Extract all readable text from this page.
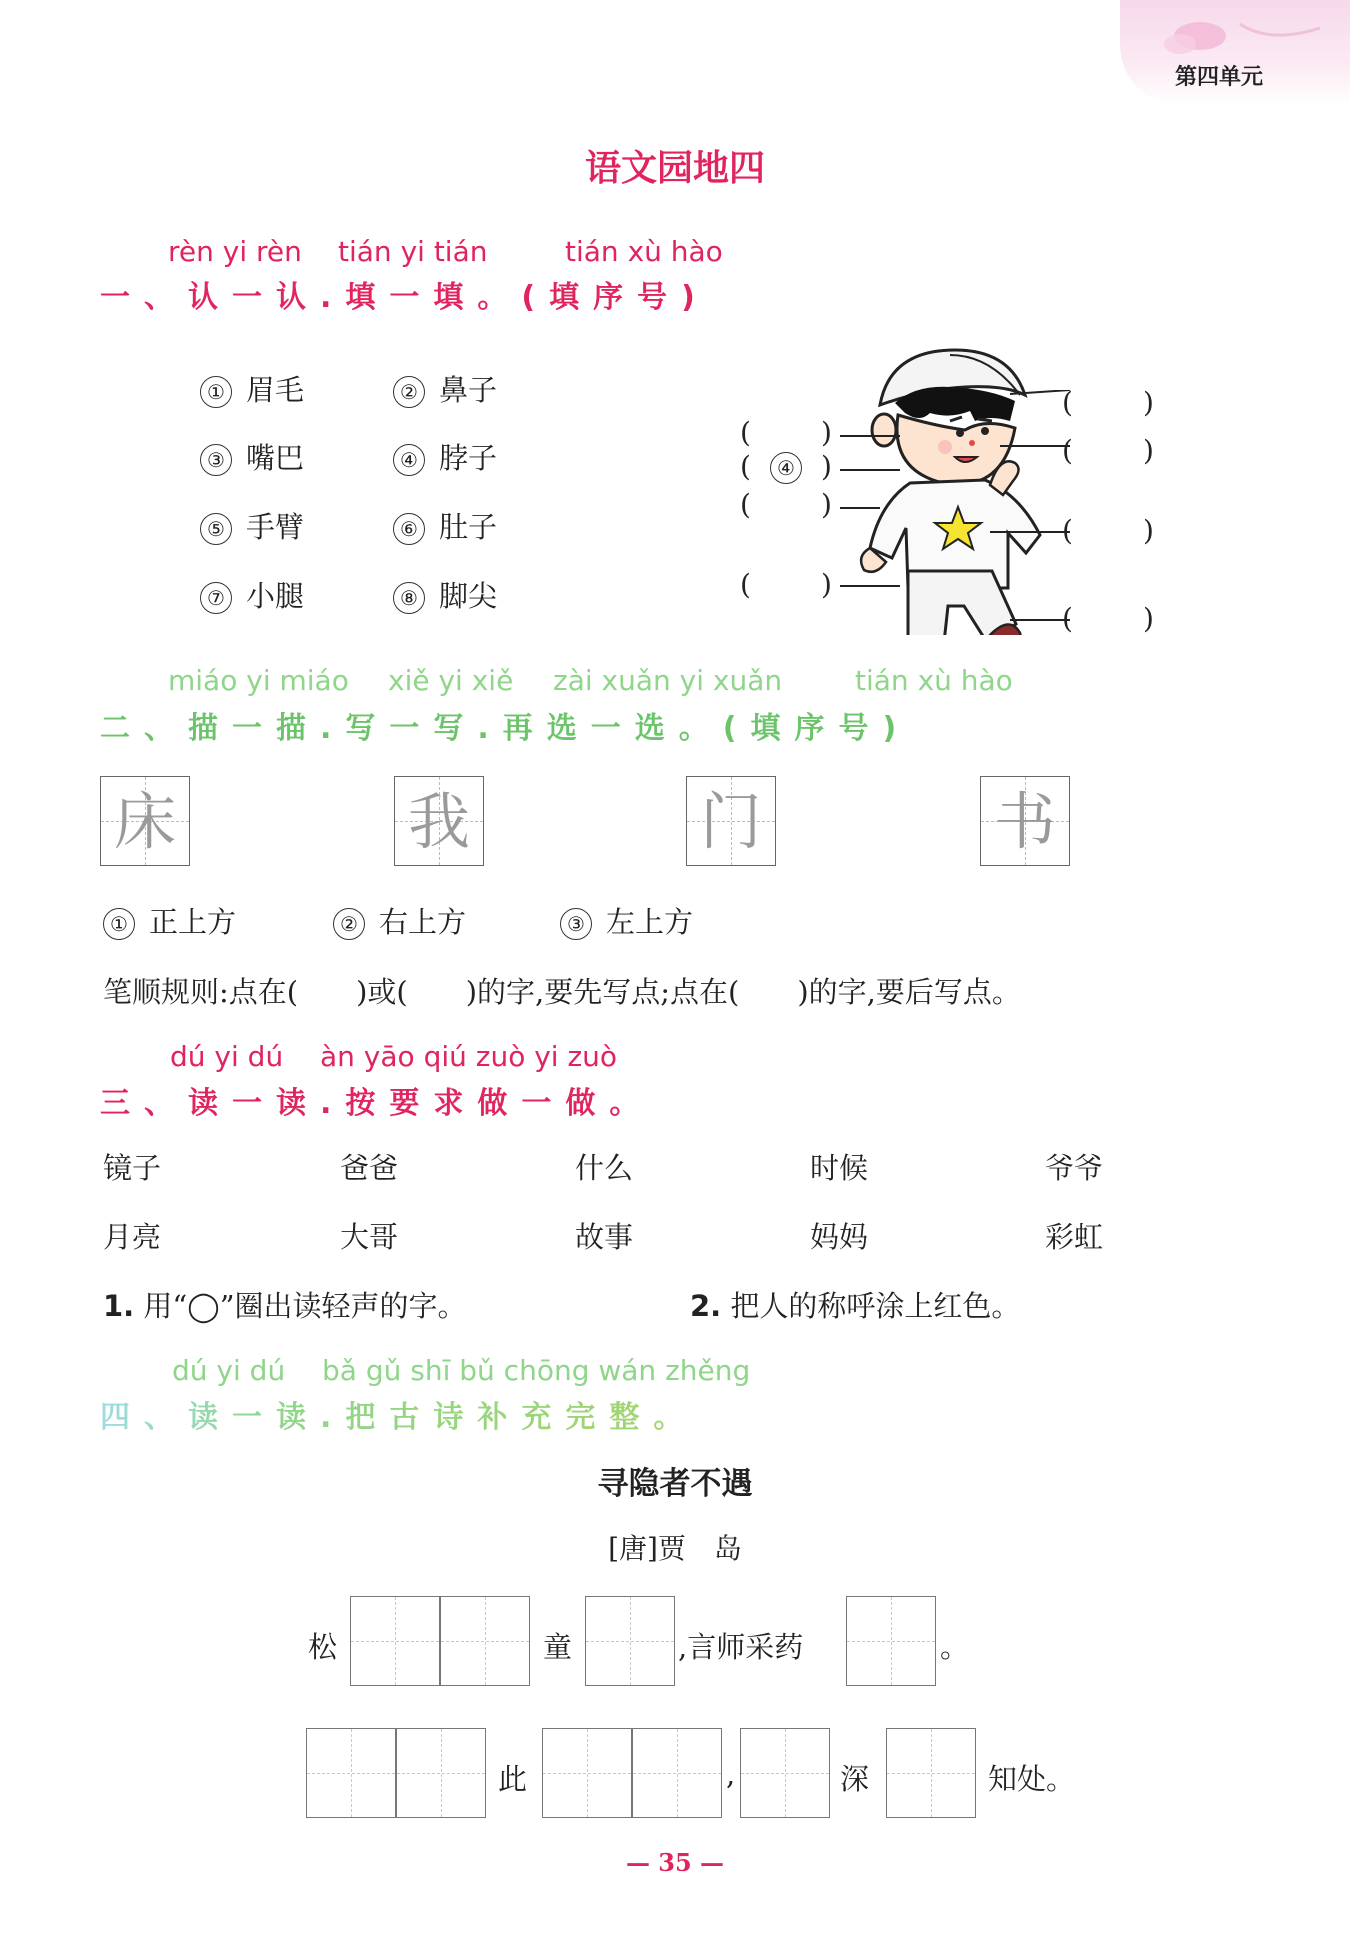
第四单元
语文园地四
rèn yi rèn tián yi tián	tián xù hào
一、认一认.填一填。(填序号)
① 眉毛	② 鼻子
③ 嘴巴	④ 脖子
⑤ 手臂	⑥ 肚子
⑦ 小腿	⑧ 脚尖
(	)
( ④ )
(	)
(	)
(	)
(	)
(	)
(	)
miáo yi miáo xiě yi xiě zài xuǎn yi xuǎn	tián xù hào
二、描一描.写一写.再选一选。(填序号)
床	我	门	书
① 正上方	② 右上方	③ 左上方
笔顺规则:点在(　　)或(　　)的字,要先写点;点在(　　)的字,要后写点。
dú yi dú àn yāo qiú zuò yi zuò
三、读一读.按要求做一做。
镜子	爸爸	什么	时候	爷爷
月亮	大哥	故事	妈妈	彩虹
1. 用“◯”圈出读轻声的字。	2. 把人的称呼涂上红色。
dú yi dú bǎ gǔ shī bǔ chōng wán zhěng
四、读一读.把古诗补充完整。
寻隐者不遇
[唐]贾　岛
松	童	,言师采药	。
此	,	深	知处。
— 35 —
